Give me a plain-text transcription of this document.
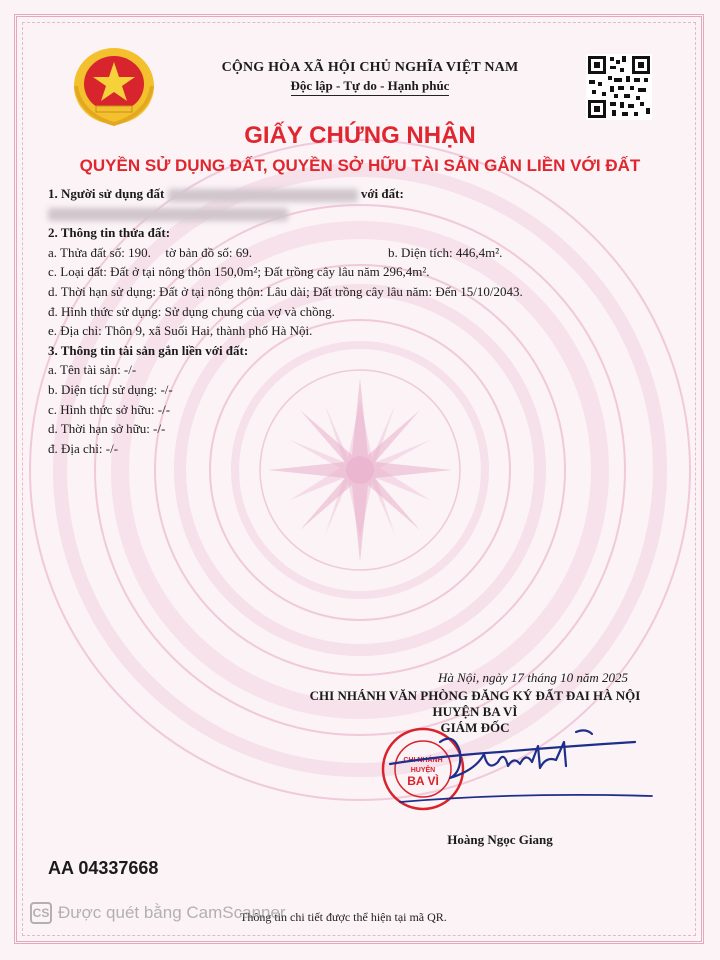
CỘNG HÒA XÃ HỘI CHỦ NGHĨA VIỆT NAM
Độc lập - Tự do - Hạnh phúc
GIẤY CHỨNG NHẬN
QUYỀN SỬ DỤNG ĐẤT, QUYỀN SỞ HỮU TÀI SẢN GẮN LIỀN VỚI ĐẤT
1. Người sử dụng đất	với đất:
2. Thông tin thửa đất:
a. Thửa đất số: 190. tờ bản đồ số: 69.	b. Diện tích: 446,4m².
c. Loại đất: Đất ở tại nông thôn 150,0m²; Đất trồng cây lâu năm 296,4m².
d. Thời hạn sử dụng: Đất ở tại nông thôn: Lâu dài; Đất trồng cây lâu năm: Đến 15/10/2043.
đ. Hình thức sử dụng: Sử dụng chung của vợ và chồng.
e. Địa chỉ: Thôn 9, xã Suối Hai, thành phố Hà Nội.
3. Thông tin tài sản gắn liền với đất:
a. Tên tài sản: -/-
b. Diện tích sử dụng: -/-
c. Hình thức sở hữu: -/-
d. Thời hạn sở hữu: -/-
đ. Địa chỉ: -/-
Hà Nội, ngày 17 tháng 10 năm 2025
CHI NHÁNH VĂN PHÒNG ĐĂNG KÝ ĐẤT ĐAI HÀ NỘI
HUYỆN BA VÌ
GIÁM ĐỐC
CHI NHÁNH
HUYỆN
BA VÌ
Hoàng Ngọc Giang
AA 04337668
Thông tin chi tiết được thể hiện tại mã QR.
CS Được quét bằng CamScanner
